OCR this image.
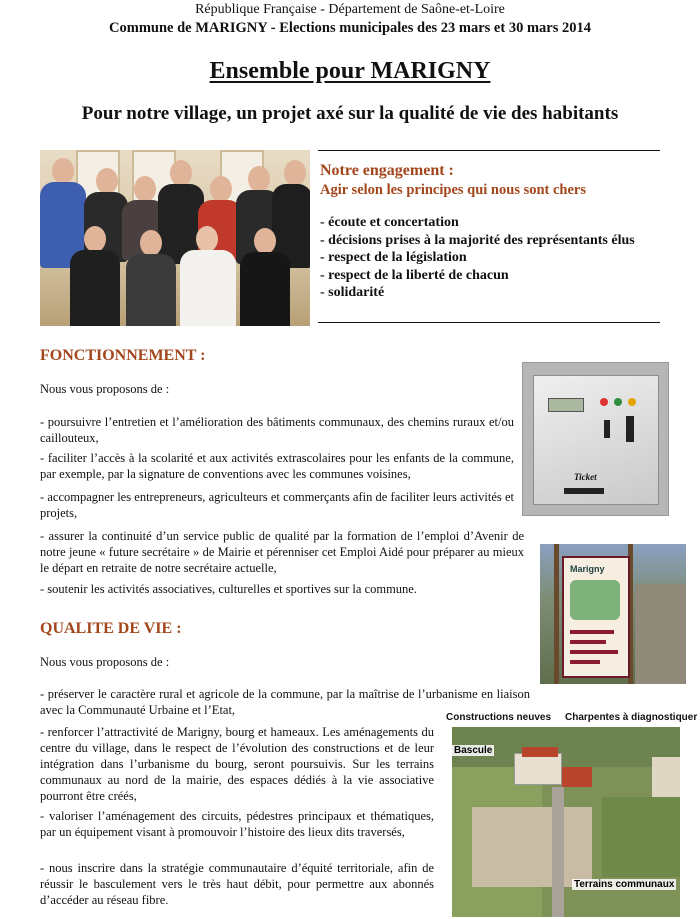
République Française - Département de Saône-et-Loire
Commune de MARIGNY - Elections municipales des 23 mars et 30 mars 2014
Ensemble pour MARIGNY
Pour notre village, un projet axé sur la qualité de vie des habitants
Notre engagement :
Agir selon les principes qui nous sont chers
- écoute et concertation
- décisions prises à la majorité des représentants élus
- respect de la législation
- respect de la liberté de chacun
- solidarité
FONCTIONNEMENT :
Nous vous proposons de :
- poursuivre l’entretien et l’amélioration des bâtiments communaux, des chemins ruraux et/ou caillouteux,
- faciliter l’accès à la scolarité et aux activités extrascolaires pour les enfants de la commune, par exemple, par la signature de conventions avec les communes voisines,
- accompagner les entrepreneurs, agriculteurs et commerçants afin de faciliter leurs activités et projets,
- assurer la continuité d’un service public de qualité par la formation de l’emploi d’Avenir de notre jeune « future secrétaire » de Mairie et pérenniser cet Emploi Aidé pour préparer au mieux le départ en retraite de notre secrétaire actuelle,
- soutenir les activités associatives, culturelles et sportives sur la commune.
Ticket
Marigny
QUALITE DE VIE :
Nous vous proposons de :
- préserver le caractère rural et agricole de la commune, par la maîtrise de l’urbanisme en liaison avec la Communauté Urbaine et l’Etat,
- renforcer l’attractivité de Marigny, bourg et hameaux. Les aménagements du centre du village, dans le respect de l’évolution des constructions et de leur intégration dans l’urbanisme du bourg, seront poursuivis. Sur les terrains communaux au nord de la mairie, des espaces dédiés à la vie associative pourront être créés,
- valoriser l’aménagement des circuits, pédestres principaux et thématiques, par un équipement visant à promouvoir l’histoire des lieux dits traversés,
- nous inscrire dans la stratégie communautaire d’équité territoriale, afin de réussir le basculement vers le très haut débit, pour permettre aux abonnés d’accéder au réseau fibre.
Constructions neuves Charpentes à diagnostiquer
Bascule
Terrains communaux
